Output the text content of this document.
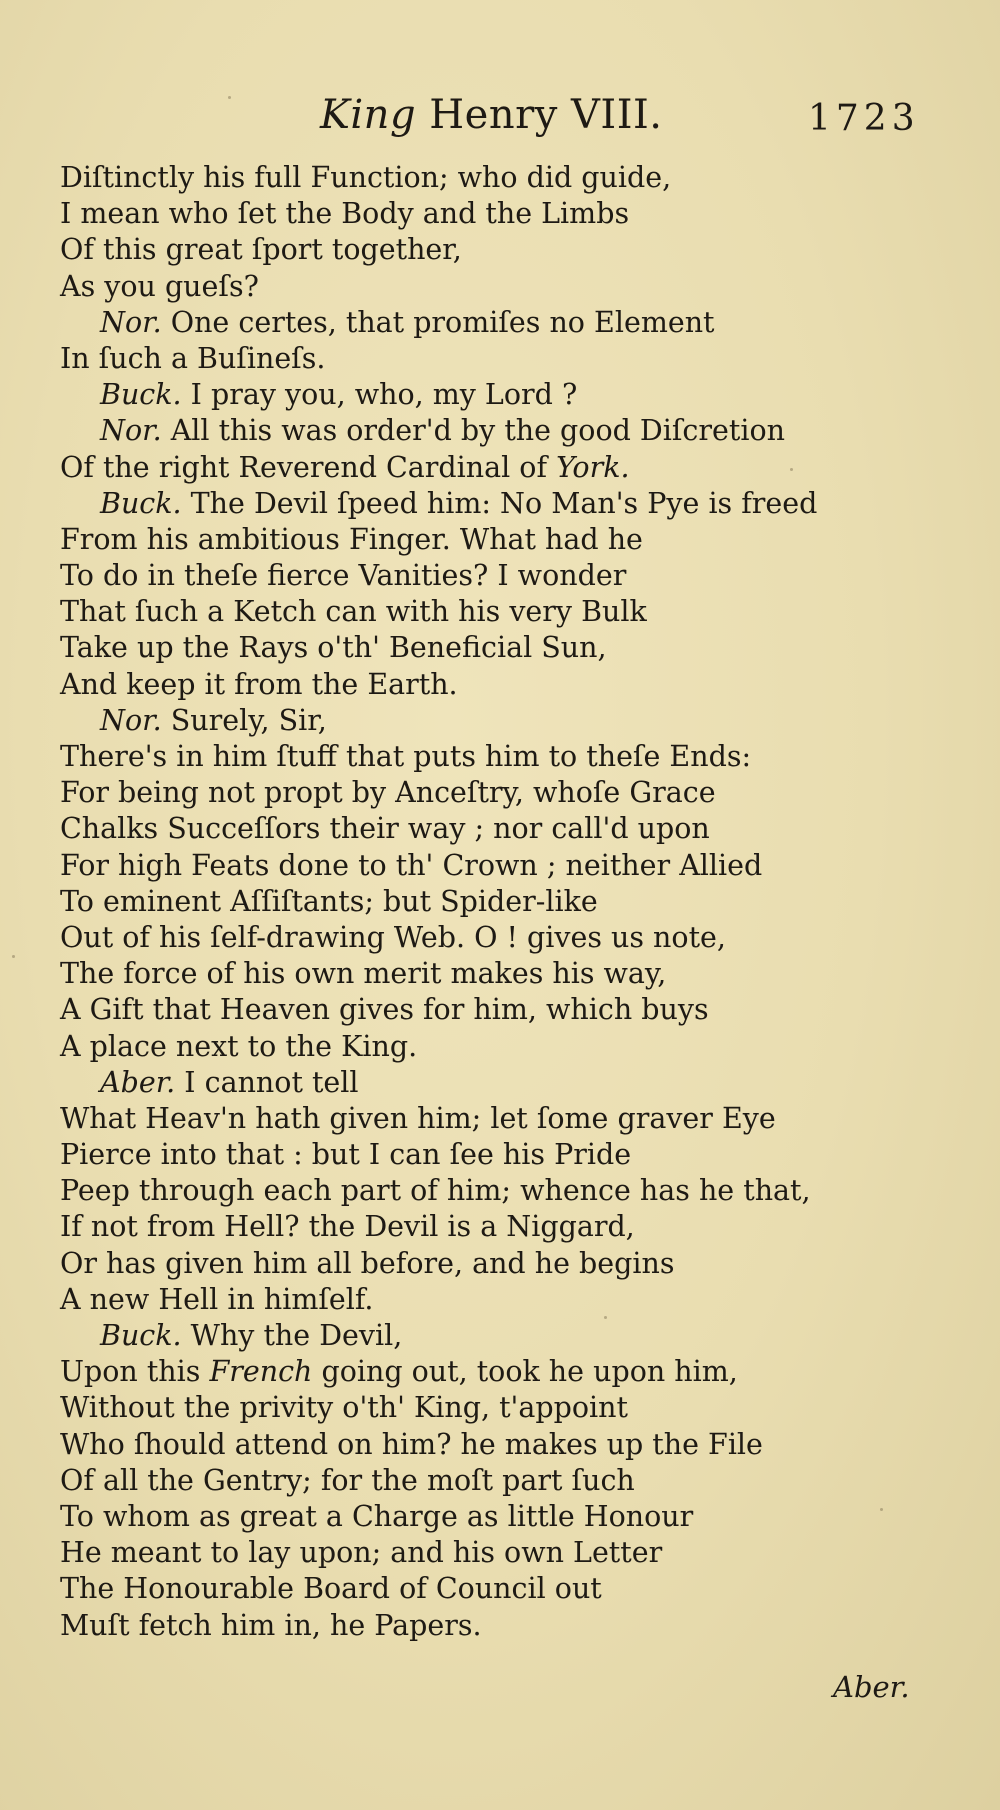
King Henry VIII.	1723
Diſtinctly his full Function; who did guide,
I mean who ſet the Body and the Limbs
Of this great ſport together,
As you gueſs?
Nor. One certes, that promiſes no Element
In ſuch a Buſineſs.
Buck. I pray you, who, my Lord ?
Nor. All this was order'd by the good Diſcretion
Of the right Reverend Cardinal of York.
Buck. The Devil ſpeed him: No Man's Pye is freed
From his ambitious Finger. What had he
To do in theſe fierce Vanities? I wonder
That ſuch a Ketch can with his very Bulk
Take up the Rays o'th' Beneficial Sun,
And keep it from the Earth.
Nor. Surely, Sir,
There's in him ſtuff that puts him to theſe Ends:
For being not propt by Anceſtry, whoſe Grace
Chalks Succeſſors their way ; nor call'd upon
For high Feats done to th' Crown ; neither Allied
To eminent Aſſiſtants; but Spider-like
Out of his ſelf-drawing Web. O ! gives us note,
The force of his own merit makes his way,
A Gift that Heaven gives for him, which buys
A place next to the King.
Aber. I cannot tell
What Heav'n hath given him; let ſome graver Eye
Pierce into that : but I can ſee his Pride
Peep through each part of him; whence has he that,
If not from Hell? the Devil is a Niggard,
Or has given him all before, and he begins
A new Hell in himſelf.
Buck. Why the Devil,
Upon this French going out, took he upon him,
Without the privity o'th' King, t'appoint
Who ſhould attend on him? he makes up the File
Of all the Gentry; for the moſt part ſuch
To whom as great a Charge as little Honour
He meant to lay upon; and his own Letter
The Honourable Board of Council out
Muſt fetch him in, he Papers.
Aber.
